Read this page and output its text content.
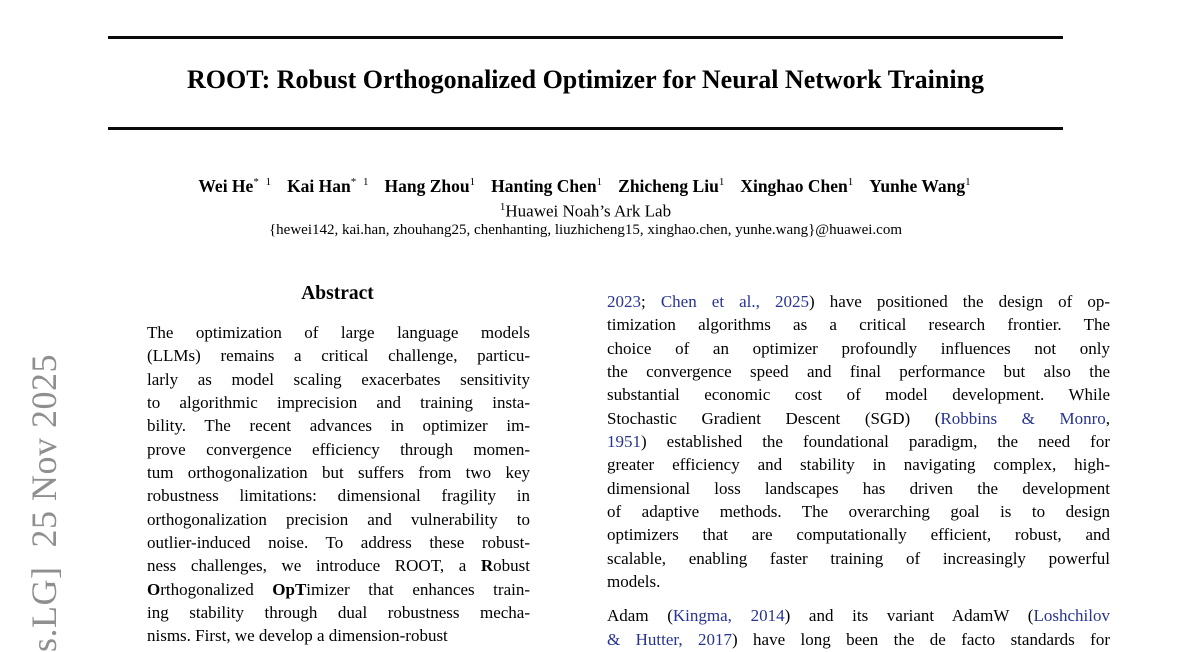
s.LG]  25 Nov 2025
ROOT: Robust Orthogonalized Optimizer for Neural Network Training
Wei He$^{* 1}$ Kai Han$^{* 1}$ Hang Zhou$^1$ Hanting Chen$^1$ Zhicheng Liu$^1$ Xinghao Chen$^1$ Yunhe Wang$^1$
$^1$Huawei Noah’s Ark Lab
{hewei142, kai.han, zhouhang25, chenhanting, liuzhicheng15, xinghao.chen, yunhe.wang}@huawei.com
Abstract
The optimization of large language models
(LLMs) remains a critical challenge, particu-
larly as model scaling exacerbates sensitivity
to algorithmic imprecision and training insta-
bility. The recent advances in optimizer im-
prove convergence efficiency through momen-
tum orthogonalization but suffers from two key
robustness limitations: dimensional fragility in
orthogonalization precision and vulnerability to
outlier-induced noise. To address these robust-
ness challenges, we introduce ROOT, a Robust
Orthogonalized OpTimizer that enhances train-
ing stability through dual robustness mecha-
nisms. First, we develop a dimension-robust
2023; Chen et al., 2025) have positioned the design of op-
timization algorithms as a critical research frontier. The
choice of an optimizer profoundly influences not only
the convergence speed and final performance but also the
substantial economic cost of model development. While
Stochastic Gradient Descent (SGD) (Robbins & Monro,
1951) established the foundational paradigm, the need for
greater efficiency and stability in navigating complex, high-
dimensional loss landscapes has driven the development
of adaptive methods. The overarching goal is to design
optimizers that are computationally efficient, robust, and
scalable, enabling faster training of increasingly powerful
models.
Adam (Kingma, 2014) and its variant AdamW (Loshchilov
& Hutter, 2017) have long been the de facto standards for
